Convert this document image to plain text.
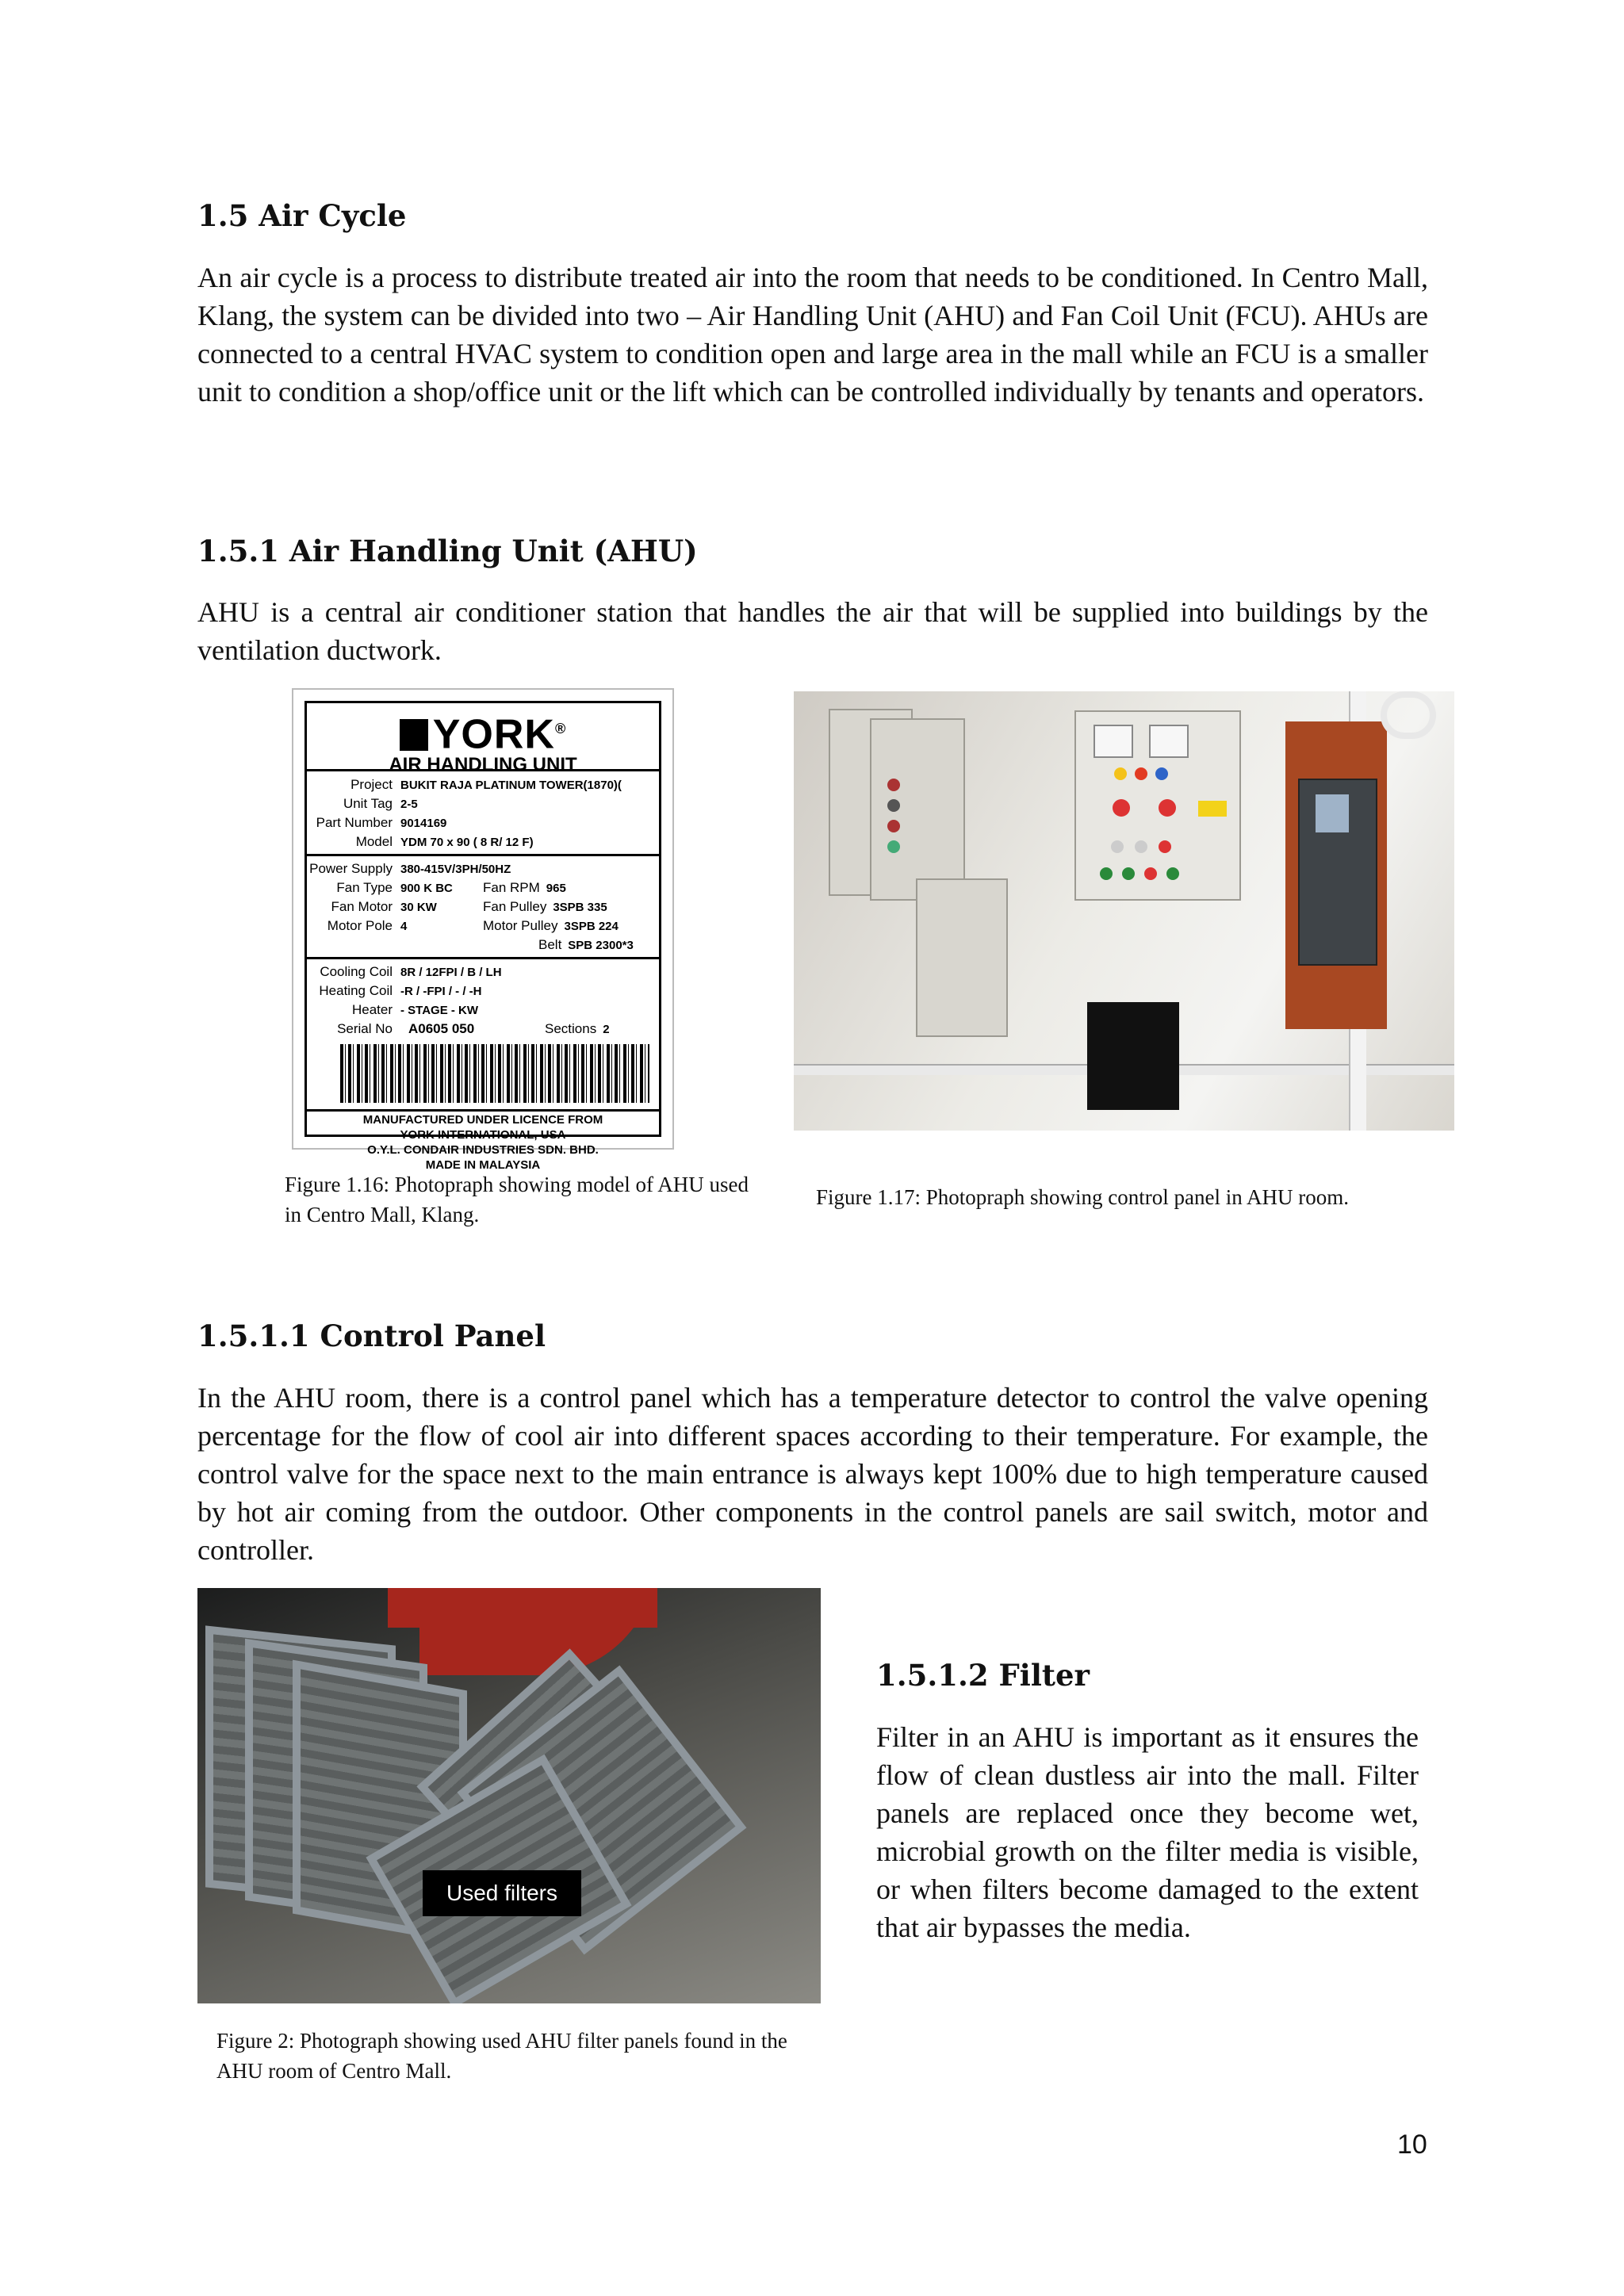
1.5 Air Cycle

An air cycle is a process to distribute treated air into the room that needs to be conditioned. In Centro Mall, Klang, the system can be divided into two – Air Handling Unit (AHU) and Fan Coil Unit (FCU). AHUs are connected to a central HVAC system to condition open and large area in the mall while an FCU is a smaller unit to condition a shop/office unit or the lift which can be controlled individually by tenants and operators.

1.5.1 Air Handling Unit (AHU)

AHU is a central air conditioner station that handles the air that will be supplied into buildings by the ventilation ductwork.

YORK®
AIR HANDLING UNIT
Project BUKIT RAJA PLATINUM TOWER(1870)(
Unit Tag 2-5
Part Number 9014169
Model YDM 70 x 90 ( 8 R/ 12 F)
Power Supply 380-415V/3PH/50HZ
Fan Type 900 K BC
Fan Motor 30 KW
Motor Pole 4
Fan RPM 965
Fan Pulley 3SPB 335
Motor Pulley 3SPB 224
Belt SPB 2300*3
Cooling Coil 8R / 12FPI / B / LH
Heating Coil -R / -FPI / - / -H
Heater - STAGE - KW
Serial No A0605 050	Sections 2
MANUFACTURED UNDER LICENCE FROM
YORK INTERNATIONAL, USA
O.Y.L. CONDAIR INDUSTRIES SDN. BHD.
MADE IN MALAYSIA

Figure 1.16: Photopraph showing model of AHU used in Centro Mall, Klang.

Figure 1.17: Photopraph showing control panel in AHU room.

1.5.1.1 Control Panel

In the AHU room, there is a control panel which has a temperature detector to control the valve opening percentage for the flow of cool air into different spaces according to their temperature. For example, the control valve for the space next to the main entrance is always kept 100% due to high temperature caused by hot air coming from the outdoor. Other components in the control panels are sail switch, motor and controller.

Used filters
1.5.1.2 Filter

Filter in an AHU is important as it ensures the flow of clean dustless air into the mall. Filter panels are replaced once they become wet, microbial growth on the filter media is visible, or when filters become damaged to the extent that air bypasses the media.

Figure 2: Photograph showing used AHU filter panels found in the AHU room of Centro Mall.

10
